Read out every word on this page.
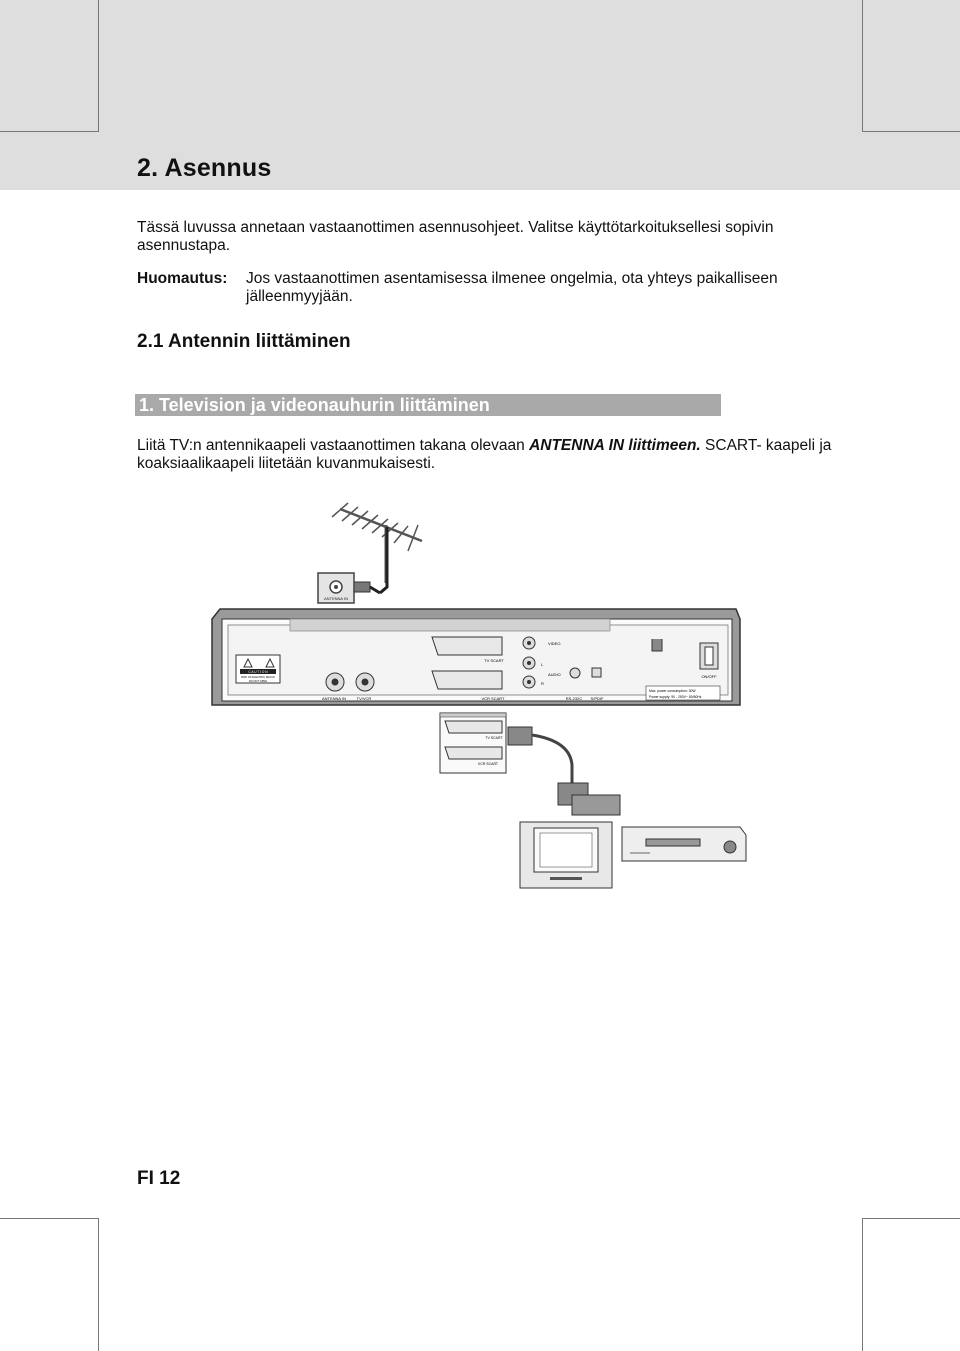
2. Asennus
Tässä luvussa annetaan vastaanottimen asennusohjeet. Valitse käyttötarkoituksellesi sopivin asennustapa.
Huomautus: Jos vastaanottimen asentamisessa ilmenee ongelmia, ota yhteys paikalliseen jälleenmyyjään.
2.1 Antennin liittäminen
1. Television ja videonauhurin liittäminen
Liitä TV:n antennikaapeli vastaanottimen takana olevaan ANTENNA IN liittimeen. SCART- kaapeli ja koaksiaalikaapeli liitetään kuvanmukaisesti.
ANTENNA IN
C A U T I O N
RISK OF ELECTRIC SHOCK
DO NOT OPEN
ANTENNA IN	TV/VCR
TV SCART
VCR SCART
VIDEO
L
R
AUDIO
RS-232C S/PDIF
ON/OFF
Max. power consumption: 30W
Power supply: 90 - 250V~ 50/60Hz
TV SCART
VCR SCART
FI 12
